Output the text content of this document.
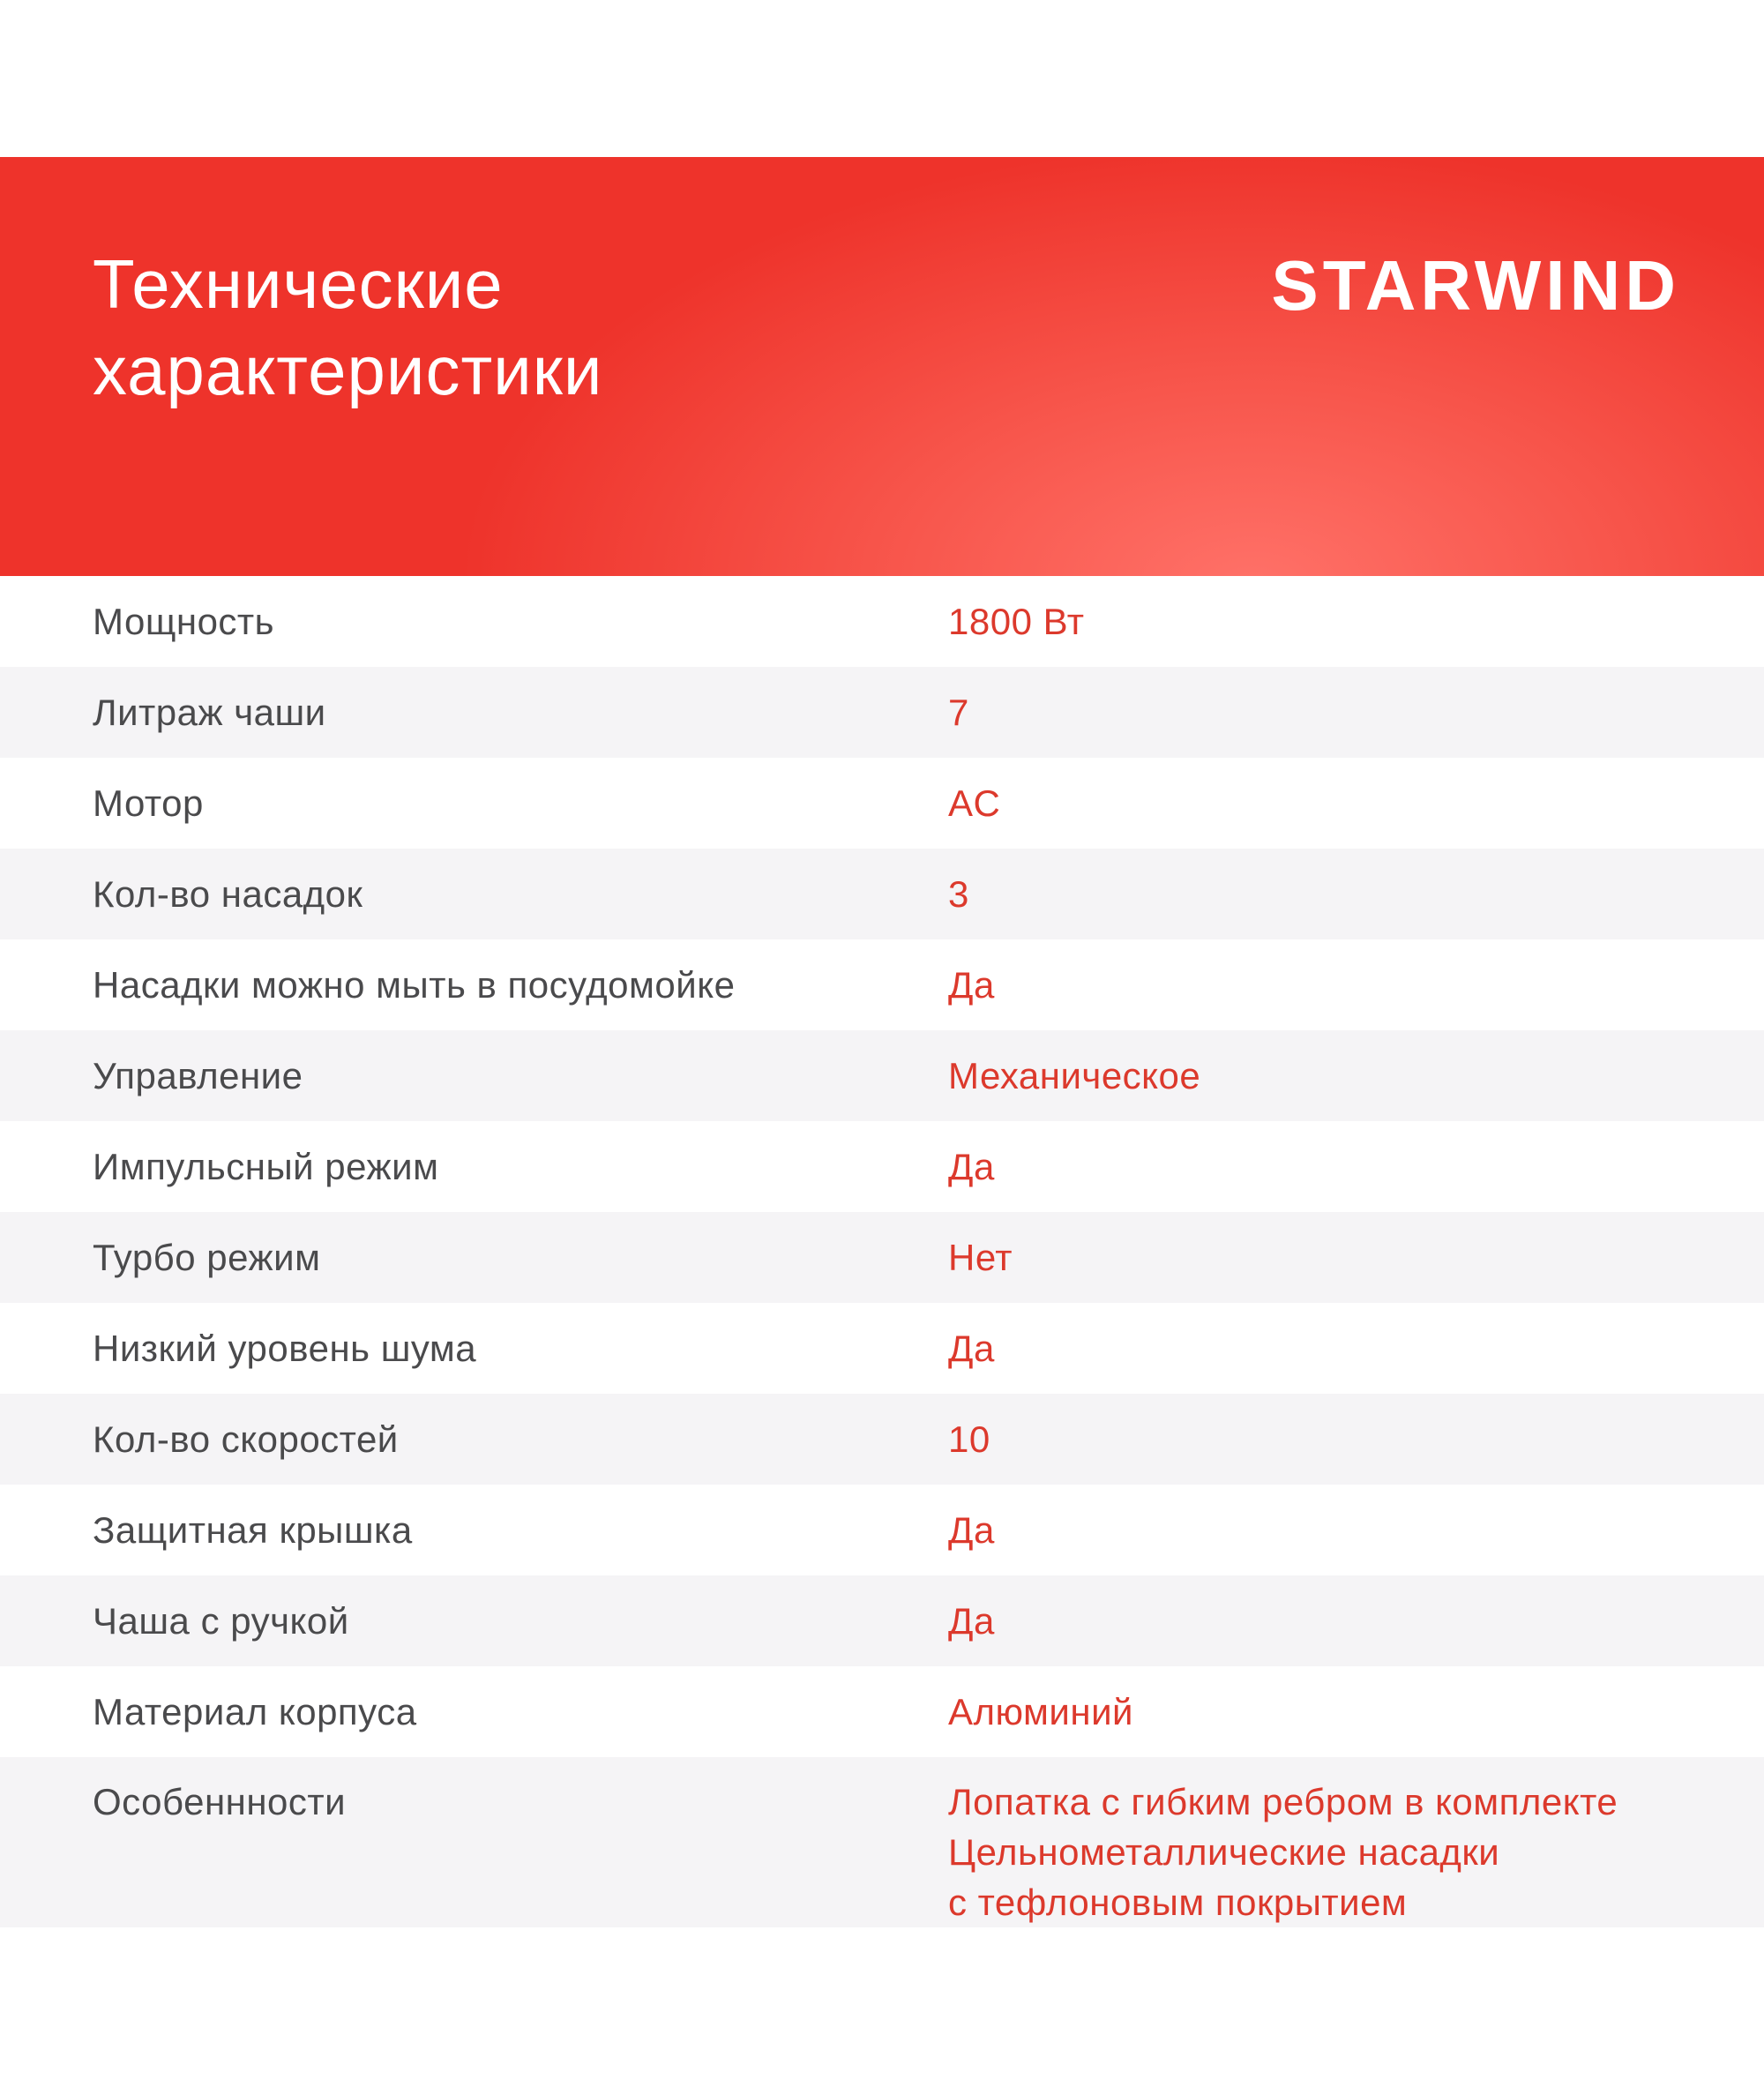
Технические
характеристики
STARWIND
Мощность	1800 Вт
Литраж чаши	7
Мотор	AC
Кол-во насадок	3
Насадки можно мыть в посудомойке	Да
Управление	Механическое
Импульсный режим	Да
Турбо режим	Нет
Низкий уровень шума	Да
Кол-во скоростей	10
Защитная крышка	Да
Чаша с ручкой	Да
Материал корпуса	Алюминий
Особеннности	Лопатка с гибким ребром в комплекте
Цельнометаллические насадки
с тефлоновым покрытием
